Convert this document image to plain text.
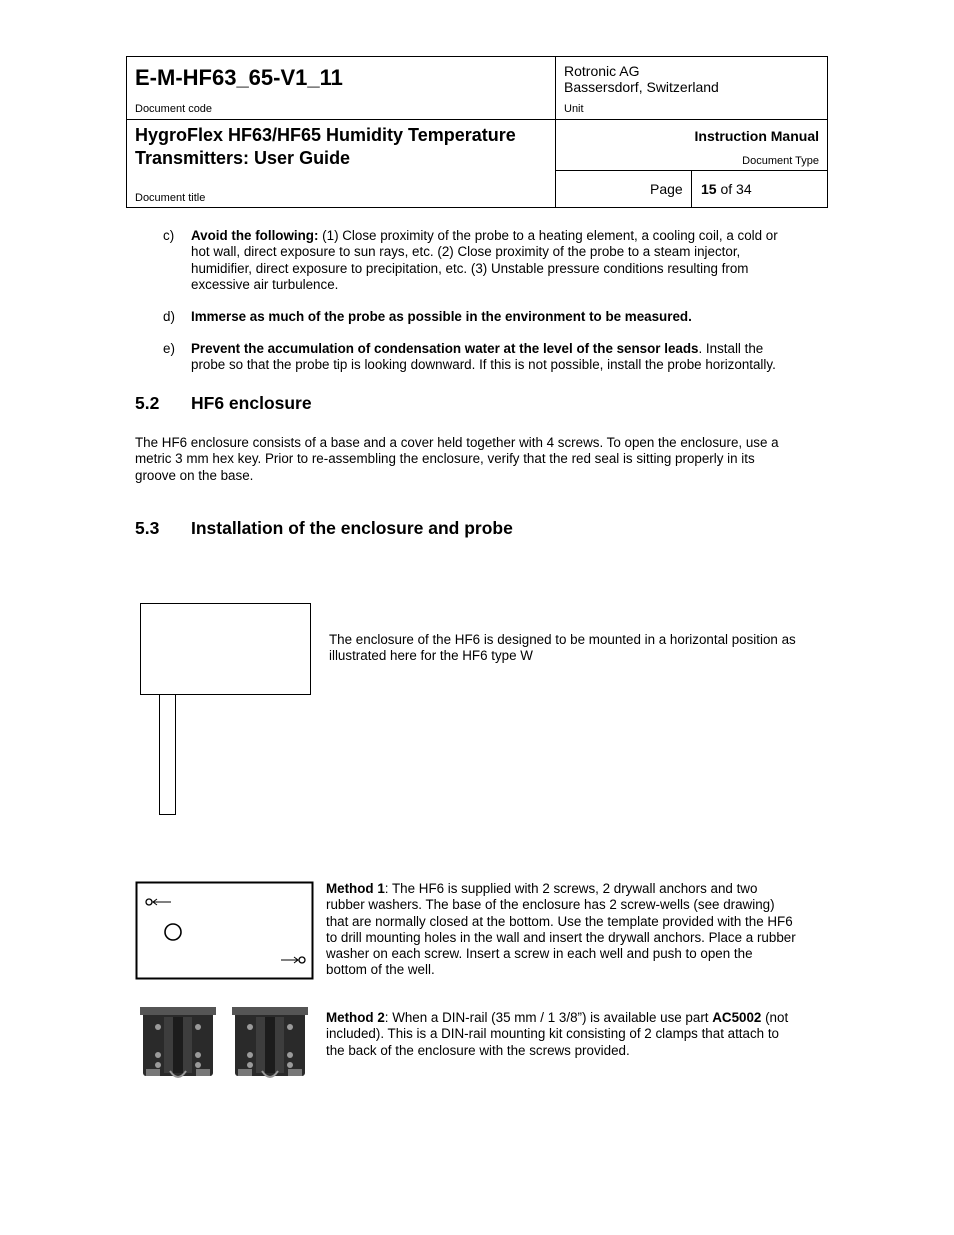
E-M-HF63_65-V1_11
Document code
Rotronic AG
Bassersdorf, Switzerland
Unit
HygroFlex HF63/HF65 Humidity Temperature
Transmitters: User Guide
Document title
Instruction Manual
Document Type
Page 15 of 34
c) Avoid the following: (1) Close proximity of the probe to a heating element, a cooling coil, a cold or
hot wall, direct exposure to sun rays, etc. (2) Close proximity of the probe to a steam injector,
humidifier, direct exposure to precipitation, etc. (3) Unstable pressure conditions resulting from
excessive air turbulence.
d) Immerse as much of the probe as possible in the environment to be measured.
e) Prevent the accumulation of condensation water at the level of the sensor leads. Install the
probe so that the probe tip is looking downward. If this is not possible, install the probe horizontally.
5.2 HF6 enclosure
The HF6 enclosure consists of a base and a cover held together with 4 screws. To open the enclosure, use a
metric 3 mm hex key. Prior to re-assembling the enclosure, verify that the red seal is sitting properly in its
groove on the base.
5.3 Installation of the enclosure and probe
The enclosure of the HF6 is designed to be mounted in a horizontal position as
illustrated here for the HF6 type W
Method 1: The HF6 is supplied with 2 screws, 2 drywall anchors and two
rubber washers. The base of the enclosure has 2 screw-wells (see drawing)
that are normally closed at the bottom. Use the template provided with the HF6
to drill mounting holes in the wall and insert the drywall anchors. Place a rubber
washer on each screw. Insert a screw in each well and push to open the
bottom of the well.
Method 2: When a DIN-rail (35 mm / 1 3/8”) is available use part AC5002 (not
included). This is a DIN-rail mounting kit consisting of 2 clamps that attach to
the back of the enclosure with the screws provided.
